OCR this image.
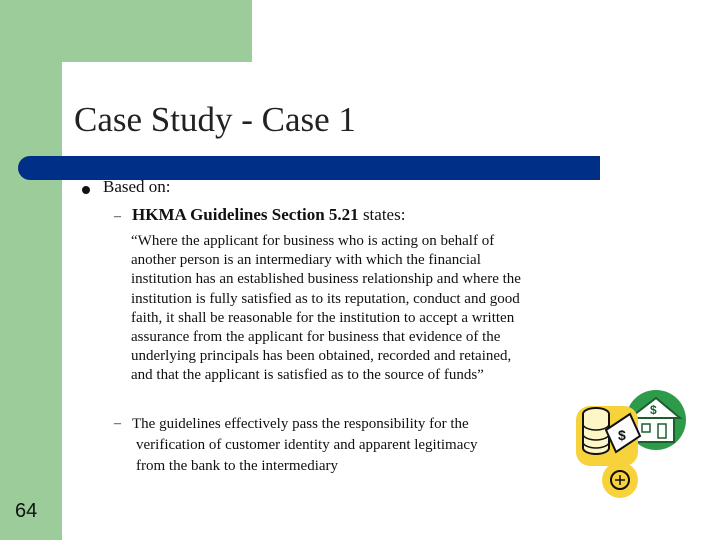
Case Study - Case 1
Based on:
– HKMA Guidelines Section 5.21 states:
“Where the applicant for business who is acting on behalf of
another person is an intermediary with which the financial
institution has an established business relationship and where the
institution is fully satisfied as to its reputation, conduct and good
faith, it shall be reasonable for the institution to accept a written
assurance from the applicant for business that evidence of the
underlying principals has been obtained, recorded and retained,
and that the applicant is satisfied as to the source of funds”
– The guidelines effectively pass the responsibility for the
verification of customer identity and apparent legitimacy
from the bank to the intermediary
64
$
$
